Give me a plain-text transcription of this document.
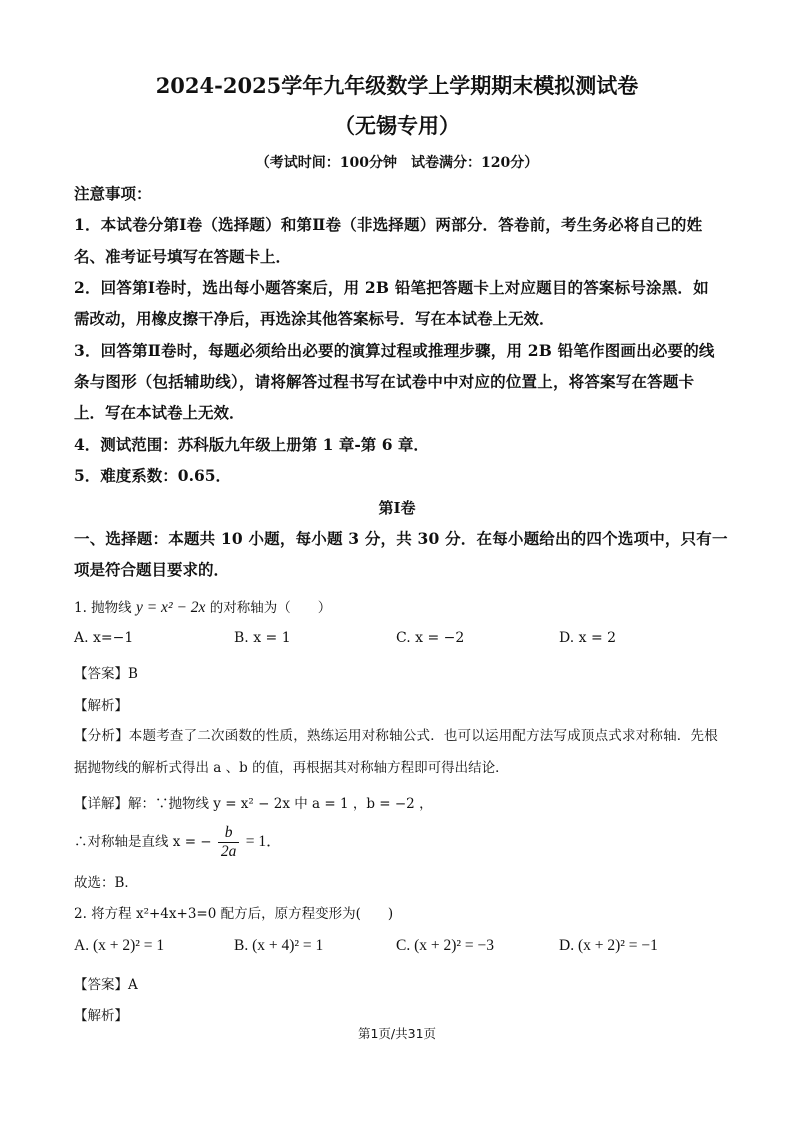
2024-2025学年九年级数学上学期期末模拟测试卷
（无锡专用）
（考试时间：100分钟　试卷满分：120分）
注意事项：
1．本试卷分第Ⅰ卷（选择题）和第Ⅱ卷（非选择题）两部分．答卷前，考生务必将自己的姓
名、准考证号填写在答题卡上．
2．回答第Ⅰ卷时，选出每小题答案后，用 2B 铅笔把答题卡上对应题目的答案标号涂黑．如
需改动，用橡皮擦干净后，再选涂其他答案标号．写在本试卷上无效．
3．回答第Ⅱ卷时，每题必须给出必要的演算过程或推理步骤，用 2B 铅笔作图画出必要的线
条与图形（包括辅助线），请将解答过程书写在试卷中中对应的位置上，将答案写在答题卡
上．写在本试卷上无效．
4．测试范围：苏科版九年级上册第 1 章-第 6 章．
5．难度系数：0.65．
第Ⅰ卷
一、选择题：本题共 10 小题，每小题 3 分，共 30 分．在每小题给出的四个选项中，只有一
项是符合题目要求的．
1. 抛物线 y = x² − 2x 的对称轴为（　　）
A. x=−1	B. x = 1	C. x = −2	D. x = 2
【答案】B
【解析】
【分析】本题考查了二次函数的性质，熟练运用对称轴公式．也可以运用配方法写成顶点式求对称轴．先根
据抛物线的解析式得出 a 、b 的值，再根据其对称轴方程即可得出结论．
【详解】解：∵抛物线 y = x² − 2x 中 a = 1 ，b = −2 ，
∴对称轴是直线 x = − $\frac{b}{2a} = 1$．
故选：B．
2. 将方程 x²+4x+3=0 配方后，原方程变形为(　　)
A. (x + 2)² = 1	B. (x + 4)² = 1	C. (x + 2)² = −3	D. (x + 2)² = −1
【答案】A
【解析】
第1页/共31页
